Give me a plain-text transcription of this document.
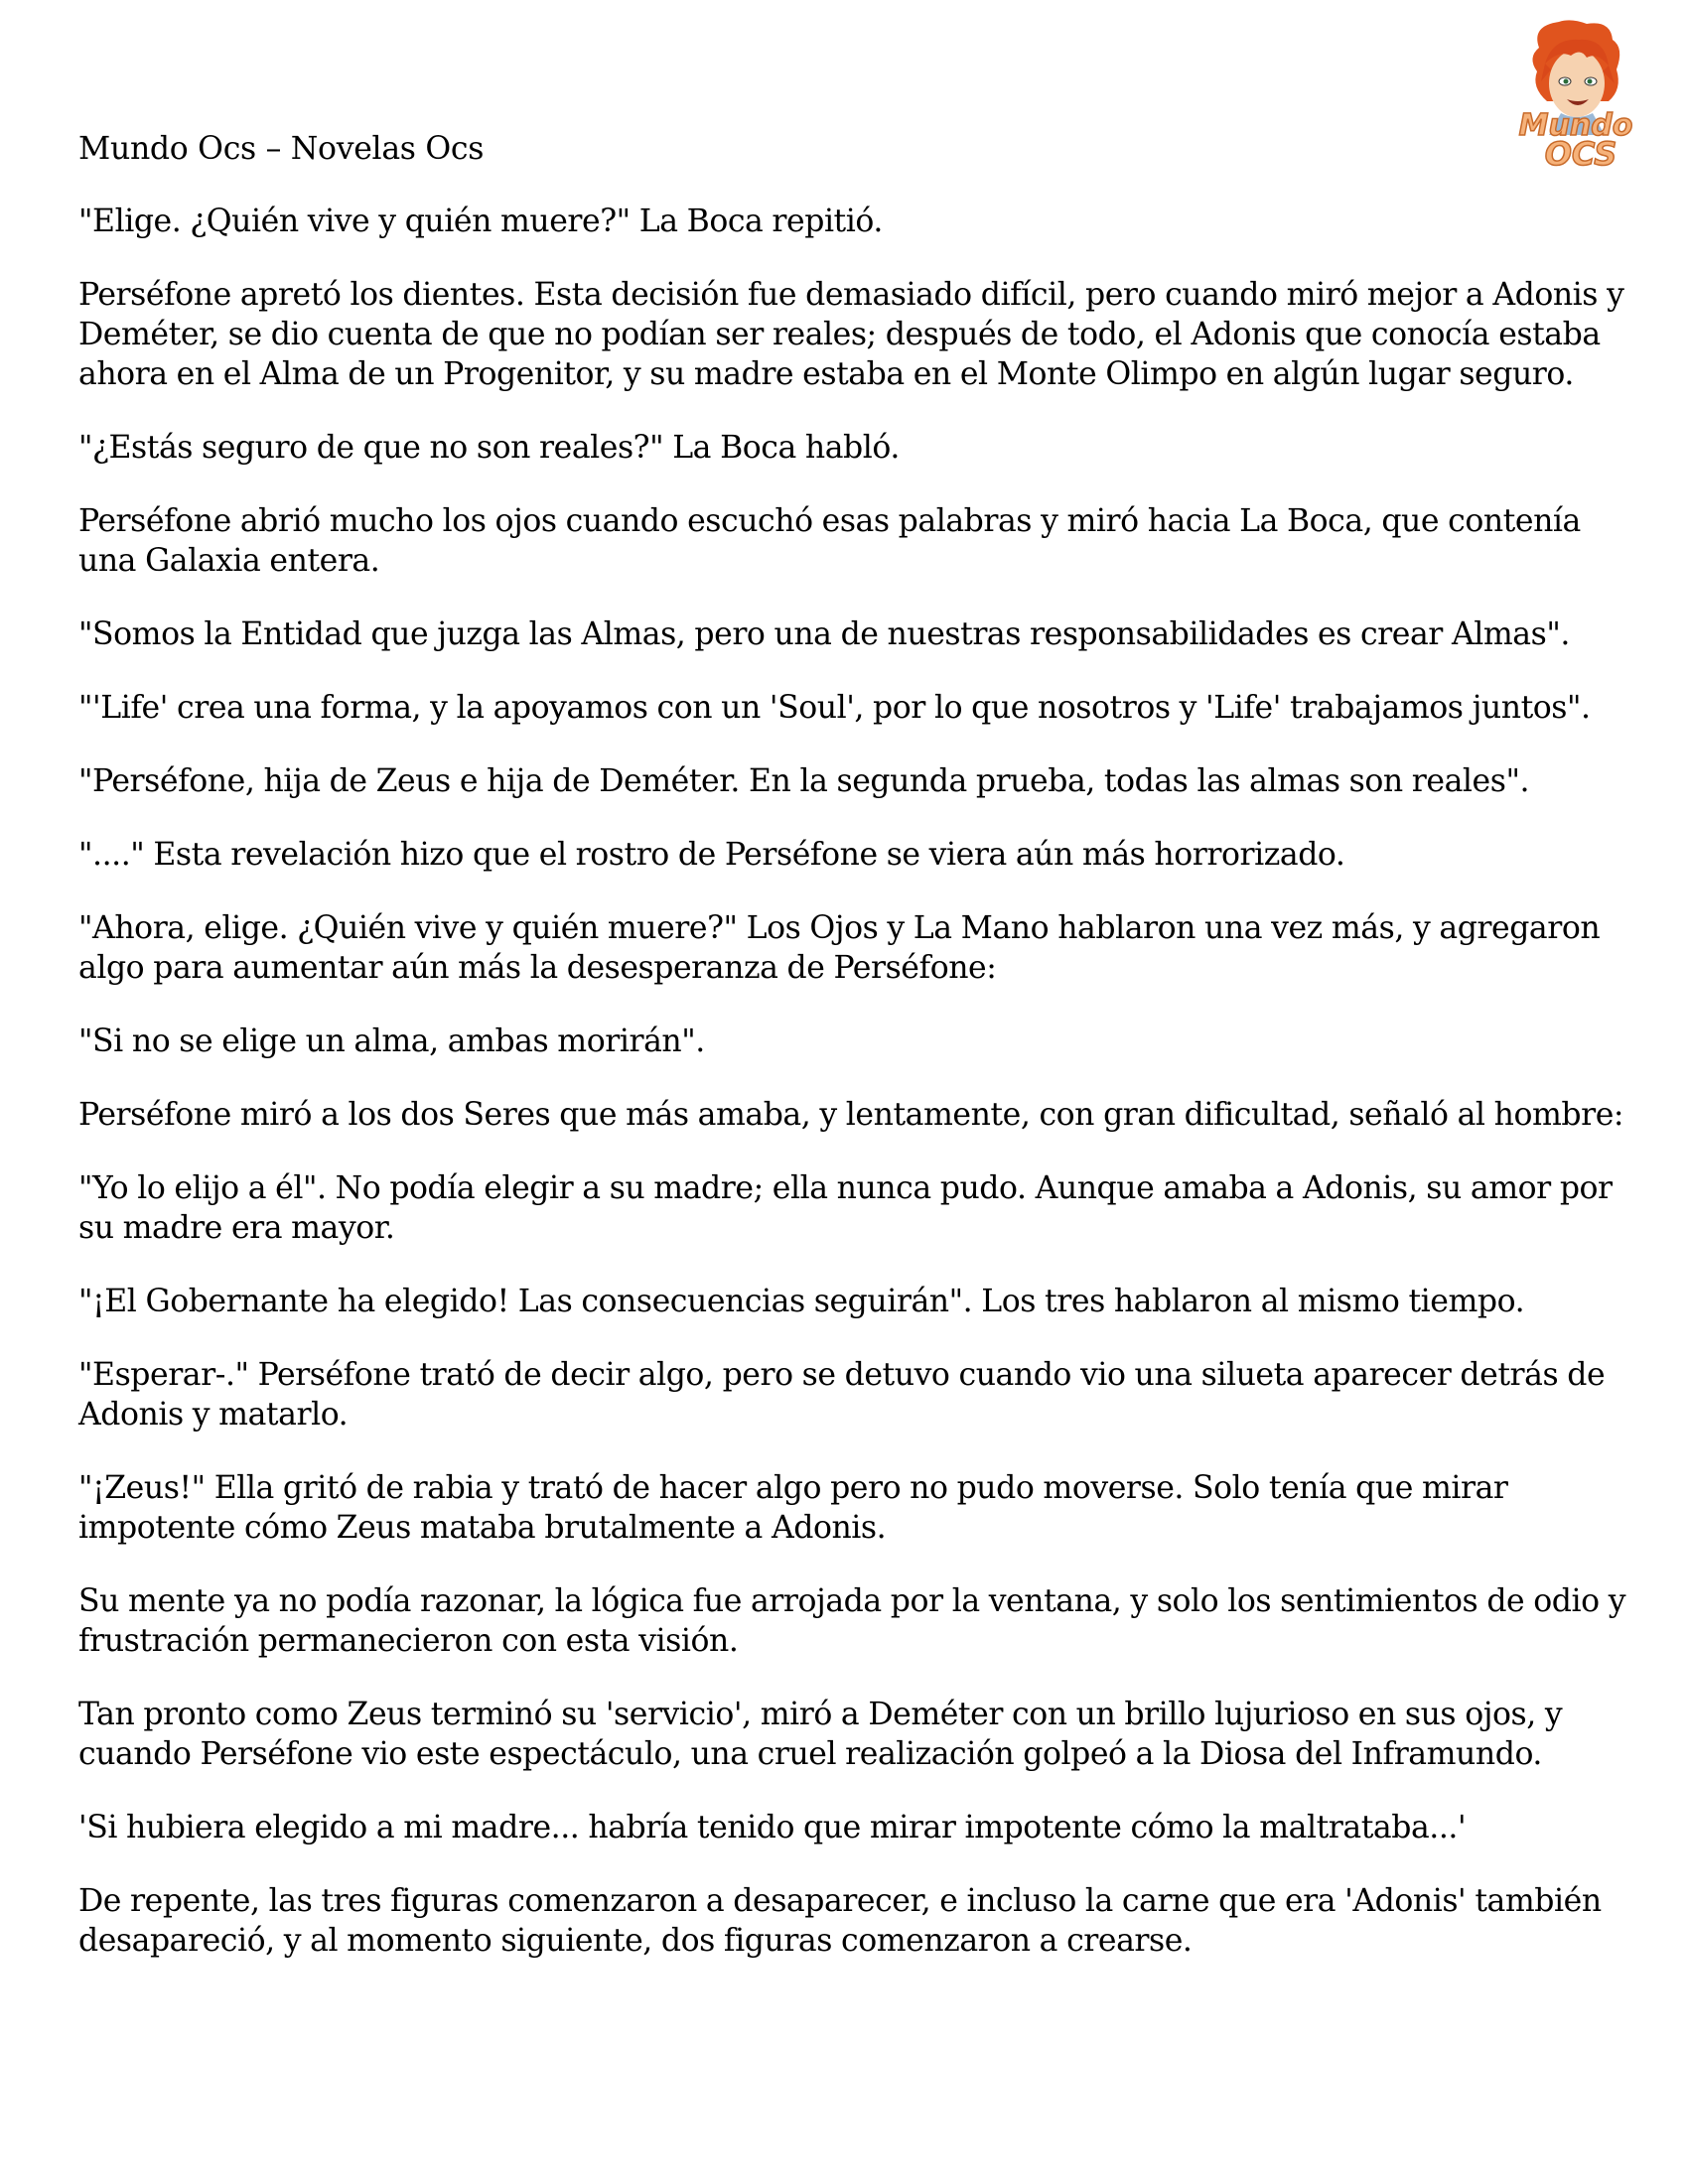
Mundo
OCS

Mundo Ocs – Novelas Ocs

"Elige. ¿Quién vive y quién muere?" La Boca repitió.

Perséfone apretó los dientes. Esta decisión fue demasiado difícil, pero cuando miró mejor a Adonis y Deméter, se dio cuenta de que no podían ser reales; después de todo, el Adonis que conocía estaba ahora en el Alma de un Progenitor, y su madre estaba en el Monte Olimpo en algún lugar seguro.

"¿Estás seguro de que no son reales?" La Boca habló.

Perséfone abrió mucho los ojos cuando escuchó esas palabras y miró hacia La Boca, que contenía una Galaxia entera.

"Somos la Entidad que juzga las Almas, pero una de nuestras responsabilidades es crear Almas".

"'Life' crea una forma, y la apoyamos con un 'Soul', por lo que nosotros y 'Life' trabajamos juntos".

"Perséfone, hija de Zeus e hija de Deméter. En la segunda prueba, todas las almas son reales".

"...." Esta revelación hizo que el rostro de Perséfone se viera aún más horrorizado.

"Ahora, elige. ¿Quién vive y quién muere?" Los Ojos y La Mano hablaron una vez más, y agregaron algo para aumentar aún más la desesperanza de Perséfone:

"Si no se elige un alma, ambas morirán".

Perséfone miró a los dos Seres que más amaba, y lentamente, con gran dificultad, señaló al hombre:

"Yo lo elijo a él". No podía elegir a su madre; ella nunca pudo. Aunque amaba a Adonis, su amor por su madre era mayor.

"¡El Gobernante ha elegido! Las consecuencias seguirán". Los tres hablaron al mismo tiempo.

"Esperar-." Perséfone trató de decir algo, pero se detuvo cuando vio una silueta aparecer detrás de Adonis y matarlo.

"¡Zeus!" Ella gritó de rabia y trató de hacer algo pero no pudo moverse. Solo tenía que mirar impotente cómo Zeus mataba brutalmente a Adonis.

Su mente ya no podía razonar, la lógica fue arrojada por la ventana, y solo los sentimientos de odio y frustración permanecieron con esta visión.

Tan pronto como Zeus terminó su 'servicio', miró a Deméter con un brillo lujurioso en sus ojos, y cuando Perséfone vio este espectáculo, una cruel realización golpeó a la Diosa del Inframundo.

'Si hubiera elegido a mi madre... habría tenido que mirar impotente cómo la maltrataba...'

De repente, las tres figuras comenzaron a desaparecer, e incluso la carne que era 'Adonis' también desapareció, y al momento siguiente, dos figuras comenzaron a crearse.
